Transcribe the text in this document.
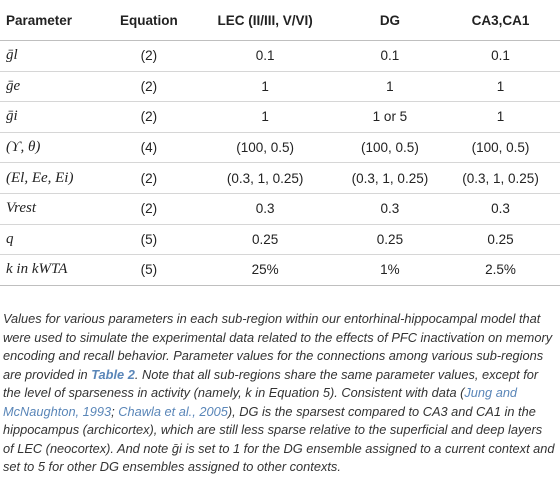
Parameter	Equation	LEC (II/III, V/VI)	DG	CA3,CA1
ḡl	(2)	0.1	0.1	0.1
ḡe	(2)	1	1	1
ḡi	(2)	1	1 or 5	1
(ϒ, θ)	(4)	(100, 0.5)	(100, 0.5)	(100, 0.5)
(El, Ee, Ei)	(2)	(0.3, 1, 0.25)	(0.3, 1, 0.25)	(0.3, 1, 0.25)
Vrest	(2)	0.3	0.3	0.3
q	(5)	0.25	0.25	0.25
k in kWTA	(5)	25%	1%	2.5%

Values for various parameters in each sub-region within our entorhinal-hippocampal model that were used to simulate the experimental data related to the effects of PFC inactivation on memory encoding and recall behavior. Parameter values for the connections among various sub-regions are provided in Table 2. Note that all sub-regions share the same parameter values, except for the level of sparseness in activity (namely, k in Equation 5). Consistent with data (Jung and McNaughton, 1993; Chawla et al., 2005), DG is the sparsest compared to CA3 and CA1 in the hippocampus (archicortex), which are still less sparse relative to the superficial and deep layers of LEC (neocortex). And note ḡi is set to 1 for the DG ensemble assigned to a current context and set to 5 for other DG ensembles assigned to other contexts.
